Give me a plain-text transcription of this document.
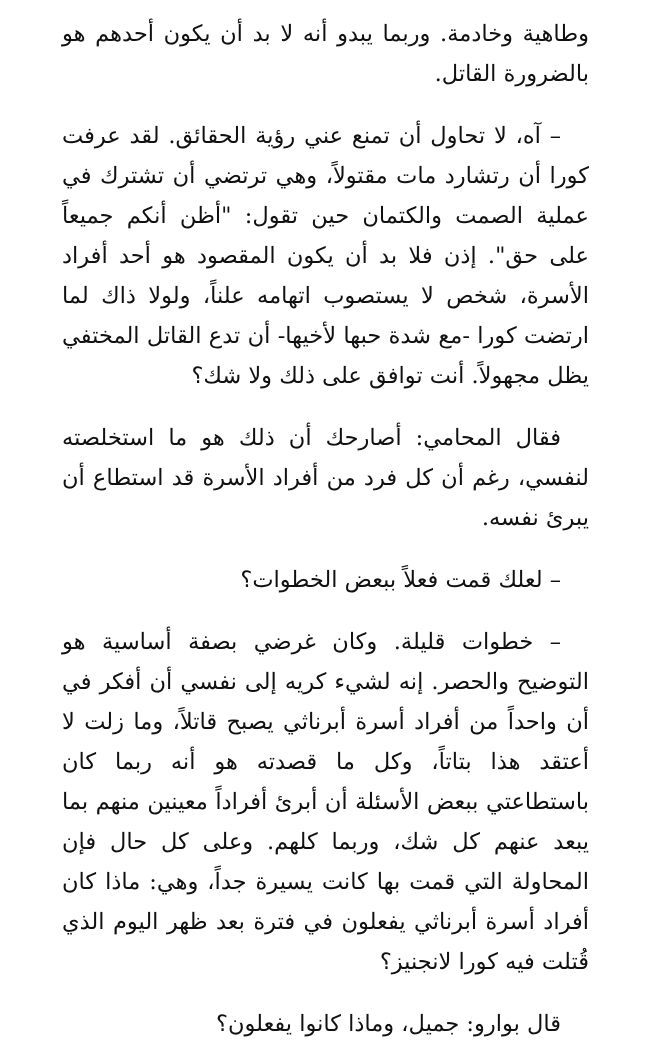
وطاهية وخادمة. وربما يبدو أنه لا بد أن يكون أحدهم هو بالضرورة القاتل.

– آه، لا تحاول أن تمنع عني رؤية الحقائق. لقد عرفت كورا أن رتشارد مات مقتولاً، وهي ترتضي أن تشترك في عملية الصمت والكتمان حين تقول: "أظن أنكم جميعاً على حق". إذن فلا بد أن يكون المقصود هو أحد أفراد الأسرة، شخص لا يستصوب اتهامه علناً، ولولا ذاك لما ارتضت كورا -مع شدة حبها لأخيها- أن تدع القاتل المختفي يظل مجهولاً. أنت توافق على ذلك ولا شك؟

فقال المحامي: أصارحك أن ذلك هو ما استخلصته لنفسي، رغم أن كل فرد من أفراد الأسرة قد استطاع أن يبرئ نفسه.

– لعلك قمت فعلاً ببعض الخطوات؟

– خطوات قليلة. وكان غرضي بصفة أساسية هو التوضيح والحصر. إنه لشيء كريه إلى نفسي أن أفكر في أن واحداً من أفراد أسرة أبرناثي يصبح قاتلاً، وما زلت لا أعتقد هذا بتاتاً، وكل ما قصدته هو أنه ربما كان باستطاعتي ببعض الأسئلة أن أبرئ أفراداً معينين منهم بما يبعد عنهم كل شك، وربما كلهم. وعلى كل حال فإن المحاولة التي قمت بها كانت يسيرة جداً، وهي: ماذا كان أفراد أسرة أبرناثي يفعلون في فترة بعد ظهر اليوم الذي قُتلت فيه كورا لانجنيز؟

قال بوارو: جميل، وماذا كانوا يفعلون؟
